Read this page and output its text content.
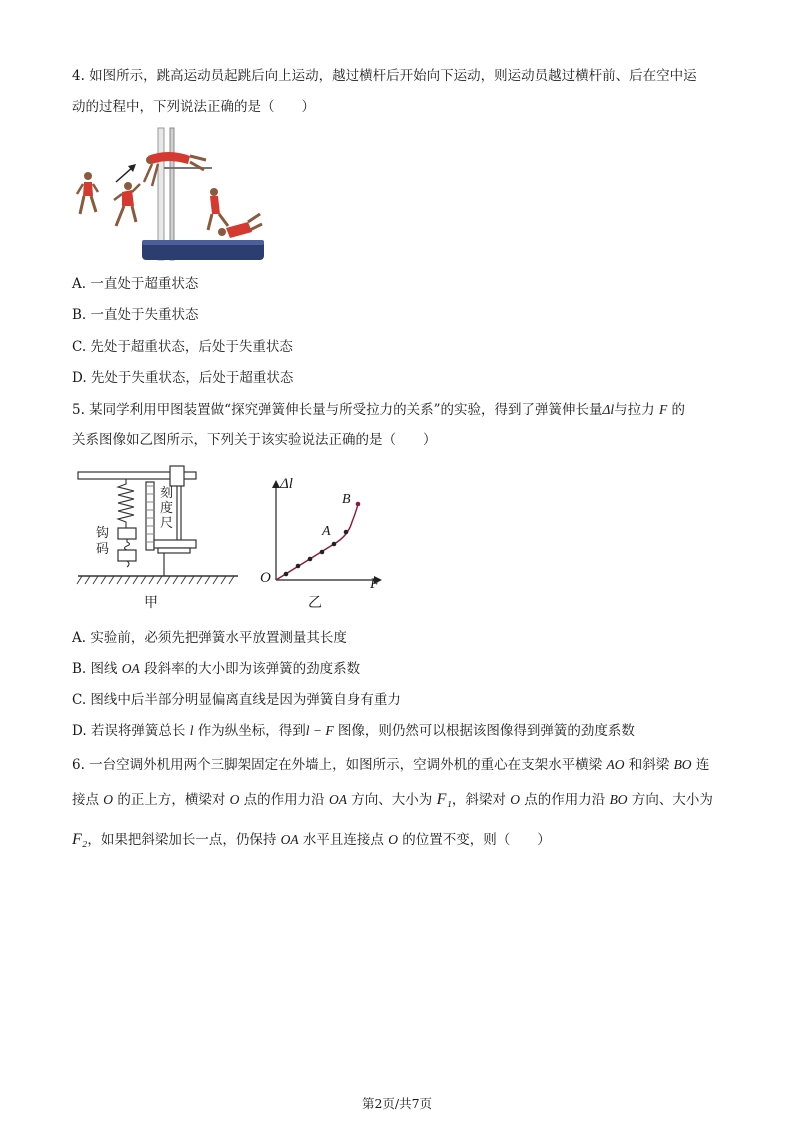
4. 如图所示，跳高运动员起跳后向上运动，越过横杆后开始向下运动，则运动员越过横杆前、后在空中运
动的过程中，下列说法正确的是（　　）
A. 一直处于超重状态
B. 一直处于失重状态
C. 先处于超重状态，后处于失重状态
D. 先处于失重状态，后处于超重状态
5. 某同学利用甲图装置做“探究弹簧伸长量与所受拉力的关系”的实验，得到了弹簧伸长量Δl与拉力 F 的
关系图像如乙图所示，下列关于该实验说法正确的是（　　）
刻
度
尺
钩
码
甲
Δl
F
O
A
B
乙
A. 实验前，必须先把弹簧水平放置测量其长度
B. 图线 OA 段斜率的大小即为该弹簧的劲度系数
C. 图线中后半部分明显偏离直线是因为弹簧自身有重力
D. 若误将弹簧总长 l 作为纵坐标，得到l − F 图像，则仍然可以根据该图像得到弹簧的劲度系数
6. 一台空调外机用两个三脚架固定在外墙上，如图所示，空调外机的重心在支架水平横梁 AO 和斜梁 BO 连
接点 O 的正上方，横梁对 O 点的作用力沿 OA 方向、大小为 F₁，斜梁对 O 点的作用力沿 BO 方向、大小为
F₂，如果把斜梁加长一点，仍保持 OA 水平且连接点 O 的位置不变，则（　　）
第2页/共7页
